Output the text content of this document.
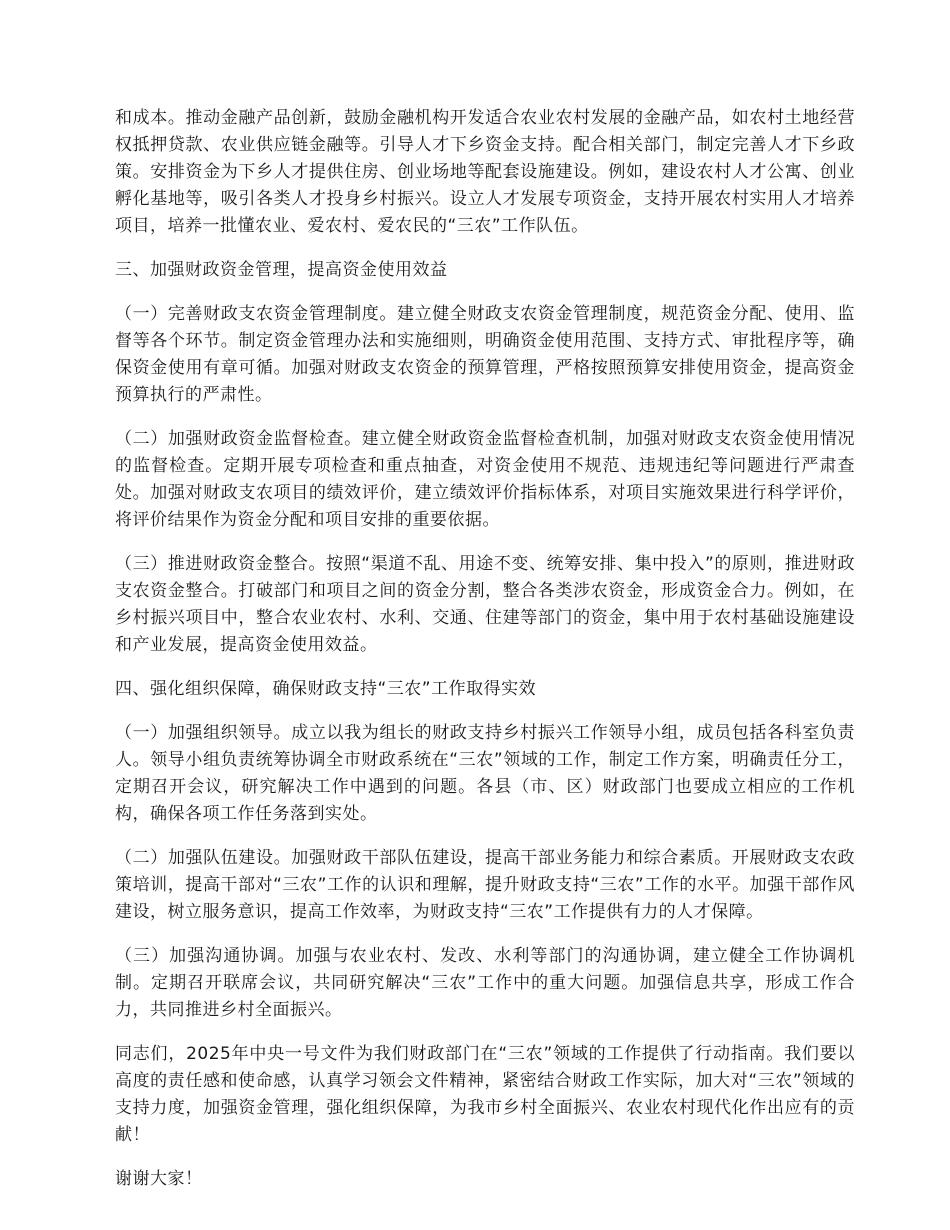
和成本。推动金融产品创新，鼓励金融机构开发适合农业农村发展的金融产品，如农村土地经营权抵押贷款、农业供应链金融等。引导人才下乡资金支持。配合相关部门，制定完善人才下乡政策。安排资金为下乡人才提供住房、创业场地等配套设施建设。例如，建设农村人才公寓、创业孵化基地等，吸引各类人才投身乡村振兴。设立人才发展专项资金，支持开展农村实用人才培养项目，培养一批懂农业、爱农村、爱农民的“三农”工作队伍。

三、加强财政资金管理，提高资金使用效益

（一）完善财政支农资金管理制度。建立健全财政支农资金管理制度，规范资金分配、使用、监督等各个环节。制定资金管理办法和实施细则，明确资金使用范围、支持方式、审批程序等，确保资金使用有章可循。加强对财政支农资金的预算管理，严格按照预算安排使用资金，提高资金预算执行的严肃性。

（二）加强财政资金监督检查。建立健全财政资金监督检查机制，加强对财政支农资金使用情况的监督检查。定期开展专项检查和重点抽查，对资金使用不规范、违规违纪等问题进行严肃查处。加强对财政支农项目的绩效评价，建立绩效评价指标体系，对项目实施效果进行科学评价，将评价结果作为资金分配和项目安排的重要依据。

（三）推进财政资金整合。按照“渠道不乱、用途不变、统筹安排、集中投入”的原则，推进财政支农资金整合。打破部门和项目之间的资金分割，整合各类涉农资金，形成资金合力。例如，在乡村振兴项目中，整合农业农村、水利、交通、住建等部门的资金，集中用于农村基础设施建设和产业发展，提高资金使用效益。

四、强化组织保障，确保财政支持“三农”工作取得实效

（一）加强组织领导。成立以我为组长的财政支持乡村振兴工作领导小组，成员包括各科室负责人。领导小组负责统筹协调全市财政系统在“三农”领域的工作，制定工作方案，明确责任分工，定期召开会议，研究解决工作中遇到的问题。各县（市、区）财政部门也要成立相应的工作机构，确保各项工作任务落到实处。

（二）加强队伍建设。加强财政干部队伍建设，提高干部业务能力和综合素质。开展财政支农政策培训，提高干部对“三农”工作的认识和理解，提升财政支持“三农”工作的水平。加强干部作风建设，树立服务意识，提高工作效率，为财政支持“三农”工作提供有力的人才保障。

（三）加强沟通协调。加强与农业农村、发改、水利等部门的沟通协调，建立健全工作协调机制。定期召开联席会议，共同研究解决“三农”工作中的重大问题。加强信息共享，形成工作合力，共同推进乡村全面振兴。

同志们，2025年中央一号文件为我们财政部门在“三农”领域的工作提供了行动指南。我们要以高度的责任感和使命感，认真学习领会文件精神，紧密结合财政工作实际，加大对“三农”领域的支持力度，加强资金管理，强化组织保障，为我市乡村全面振兴、农业农村现代化作出应有的贡献！

谢谢大家！
